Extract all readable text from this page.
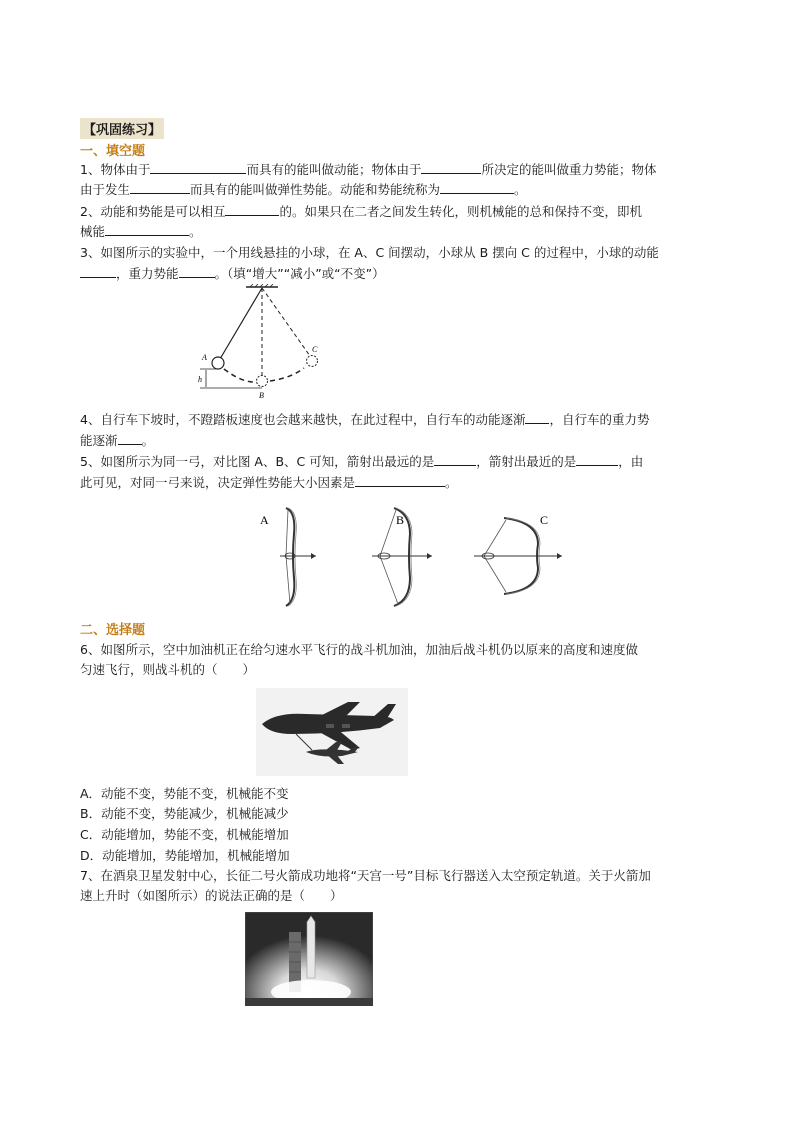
【巩固练习】
一、填空题
1、物体由于	而具有的能叫做动能；物体由于	所决定的能叫做重力势能；物体
由于发生	而具有的能叫做弹性势能。动能和势能统称为	。
2、动能和势能是可以相互	的。如果只在二者之间发生转化，则机械能的总和保持不变，即机
械能	。
3、如图所示的实验中，一个用线悬挂的小球，在 A、C 间摆动，小球从 B 摆向 C 的过程中，小球的动能
，重力势能	。（填“增大”“减小”或“不变”）
A
B
C
h
4、自行车下坡时，不蹬踏板速度也会越来越快，在此过程中，自行车的动能逐渐 ，自行车的重力势
能逐渐 。
5、如图所示为同一弓，对比图 A、B、C 可知，箭射出最远的是	，箭射出最近的是	，由
此可见，对同一弓来说，决定弹性势能大小因素是	。
A	B	C
二、选择题
6、如图所示，空中加油机正在给匀速水平飞行的战斗机加油，加油后战斗机仍以原来的高度和速度做
匀速飞行，则战斗机的（　　）
A．动能不变，势能不变，机械能不变
B．动能不变，势能减少，机械能减少
C．动能增加，势能不变，机械能增加
D．动能增加，势能增加，机械能增加
7、在酒泉卫星发射中心，长征二号火箭成功地将“天宫一号”目标飞行器送入太空预定轨道。关于火箭加
速上升时（如图所示）的说法正确的是（　　）
